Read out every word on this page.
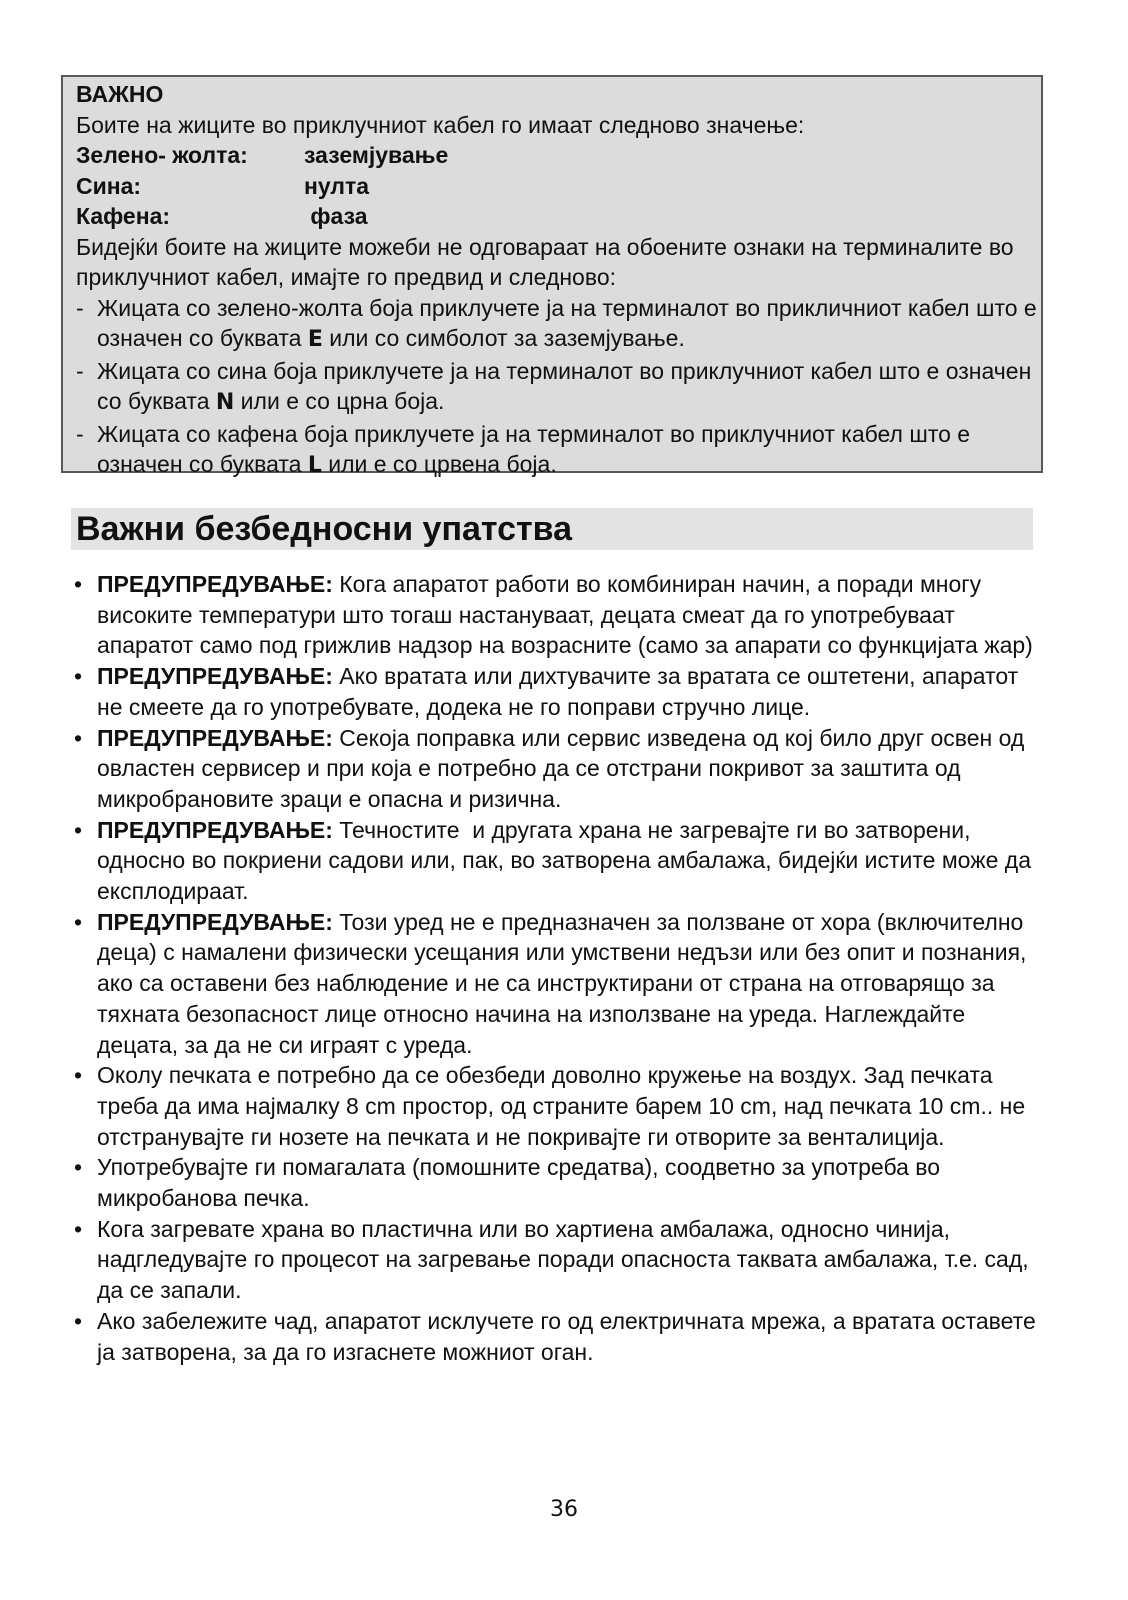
ВАЖНО
Боите на жиците во приклучниот кабел го имаат следново значење:
Зелено- жолта:	заземјување
Сина:	нулта
Кафена:	фаза
Бидејќи боите на жиците можеби не одговараат на обоените ознаки на терминалите во приклучниот кабел, имајте го предвид и следново:
- Жицата со зелено-жолта боја приклучете ја на терминалот во прикличниот кабел што е означен со буквата E или со симболот за заземјување.
- Жицата со сина боја приклучете ја на терминалот во приклучниот кабел што е означен со буквата N или е со црна боја.
- Жицата со кафена боја приклучете ја на терминалот во приклучниот кабел што е означен со буквата L или е со црвена боја.
Важни безбедносни упатства
• ПРЕДУПРЕДУВАЊЕ: Кога апаратот работи во комбиниран начин, а поради многу високите температури што тогаш настануваат, децата смеат да го употребуваат апаратот само под грижлив надзор на возрасните (само за апарати со функцијата жар)
• ПРЕДУПРЕДУВАЊЕ: Ако вратата или дихтувачите за вратата се оштетени, апаратот не смеете да го употребувате, додека не го поправи стручно лице.
• ПРЕДУПРЕДУВАЊЕ: Секоја поправка или сервис изведена од кој било друг освен од овластен сервисер и при која е потребно да се отстрани покривот за заштита од микробрановите зраци е опасна и ризична.
• ПРЕДУПРЕДУВАЊЕ: Течностите  и другата храна не загревајте ги во затворени, односно во покриени садови или, пак, во затворена амбалажа, бидејќи истите може да експлодираат.
• ПРЕДУПРЕДУВАЊЕ: Този уред не е предназначен за ползване от хора (включително деца) с намалени физически усещания или умствени недъзи или без опит и познания, ако са оставени без наблюдение и не са инструктирани от страна на отговарящо за тяхната безопасност лице относно начина на използване на уреда. Наглеждайте децата, за да не си играят с уреда.
• Околу печката е потребно да се обезбеди доволно кружење на воздух. Зад печката треба да има најмалку 8 cm простор, од страните барем 10 cm, над печката 10 cm.. не отстранувајте ги нозете на печката и не покривајте ги отворите за венталиција.
• Употребувајте ги помагалата (помошните средатва), соодветно за употреба во микробанова печка.
• Кога загревате храна во пластична или во хартиена амбалажа, односно чинија, надгледувајте го процесот на загревање поради опасноста таквата амбалажа, т.е. сад, да се запали.
• Ако забележите чад, апаратот исклучете го од електричната мрежа, а вратата оставете ја затворена, за да го изгаснете можниот оган.
36
